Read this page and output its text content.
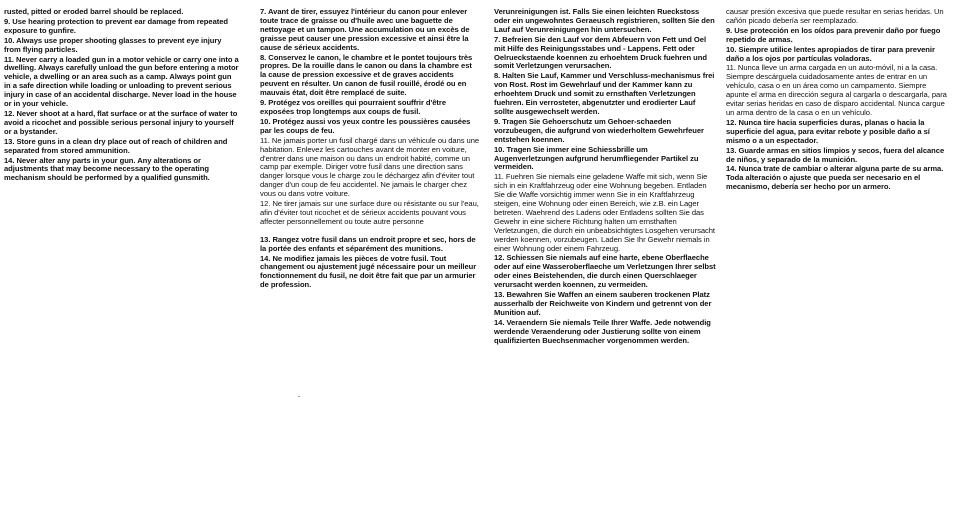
rusted, pitted or eroded barrel should be replaced.

9. Use hearing protection to prevent ear damage from repeated exposure to gunfire.

10. Always use proper shooting glasses to prevent eye injury from flying particles.

11. Never carry a loaded gun in a motor vehicle or carry one into a dwelling. Always carefully unload the gun before entering a motor vehicle, a dwelling or an area such as a camp. Always point gun in a safe direction while loading or unloading to prevent serious injury in case of an accidental discharge. Never load in the house or in your vehicle.

12. Never shoot at a hard, flat surface or at the surface of water to avoid a ricochet and possible serious personal injury to yourself or a bystander.

13. Store guns in a clean dry place out of reach of children and separated from stored ammunition.

14. Never alter any parts in your gun. Any alterations or adjustments that may become necessary to the operating mechanism should be performed by a qualified gunsmith.

7. Avant de tirer, essuyez l'intérieur du canon pour enlever toute trace de graisse ou d'huile avec une baguette de nettoyage et un tampon. Une accumulation ou un excès de graisse peut causer une pression excessive et ainsi être la cause de sérieux accidents.

8. Conservez le canon, le chambre et le pontet toujours très propres. De la rouille dans le canon ou dans la chambre est la cause de pression excessive et de graves accidents peuvent en résulter. Un canon de fusil rouillé, érodé ou en mauvais état, doit être remplacé de suite.

9. Protégez vos oreilles qui pourraient souffrir d'être exposées trop longtemps aux coups de fusil.

10. Protégez aussi vos yeux contre les poussières causées par les coups de feu.

11. Ne jamais porter un fusil chargé dans un véhicule ou dans une habitation. Enlevez les cartouches avant de monter en voiture, d'entrer dans une maison ou dans un endroit habité, comme un camp par exemple. Diriger votre fusil dans une direction sans danger lorsque vous le charge zou le déchargez afin d'éviter tout danger d'un coup de feu accidentel. Ne jamais le charger chez vous ou dans votre voiture.

12. Ne tirer jamais sur une surface dure ou résistante ou sur l'eau, afin d'éviter tout ricochet et de sérieux accidents pouvant vous affecter personnellement ou toute autre personne

13. Rangez votre fusil dans un endroit propre et sec, hors de la portée des enfants et séparément des munitions.

14. Ne modifiez jamais les pièces de votre fusil. Tout changement ou ajustement jugé nécessaire pour un meilleur fonctionnement du fusil, ne doit être fait que par un armurier de profession.

Verunreinigungen ist. Falls Sie einen leichten Rueckstoss oder ein ungewohntes Geraeusch registrieren, sollten Sie den Lauf auf Verunreinigungen hin untersuchen.

7. Befreien Sie den Lauf vor dem Abfeuern von Fett und Oel mit Hilfe des Reinigungsstabes und - Lappens. Fett oder Oelrueckstaende koennen zu erhoehtem Druck fuehren und somit Verletzungen verursachen.

8. Halten Sie Lauf, Kammer und Verschluss-mechanismus frei von Rost. Rost im Gewehrlauf und der Kammer kann zu erhoehtem Druck und somit zu ernsthaften Verletzungen fuehren. Ein verrosteter, abgenutzter und erodierter Lauf sollte ausgewechselt werden.

9. Tragen Sie Gehoerschutz um Gehoer-schaeden vorzubeugen, die aufgrund von wiederholtem Gewehrfeuer entstehen koennen.

10. Tragen Sie immer eine Schiessbrille um Augenverletzungen aufgrund herumfliegender Partikel zu vermeiden.

11. Fuehren Sie niemals eine geladene Waffe mit sich, wenn Sie sich in ein Kraftfahrzeug oder eine Wohnung begeben. Entladen Sie die Waffe vorsichtig immer wenn Sie in ein Kraftfahrzeug steigen, eine Wohnung oder einen Bereich, wie z.B. ein Lager betreten. Waehrend des Ladens oder Entladens sollten Sie das Gewehr in eine sichere Richtung halten um ernsthaften Verletzungen, die durch ein unbeabsichtigtes Losgehen verursacht werden koennen, vorzubeugen. Laden Sie Ihr Gewehr niemals in einer Wohnung oder einem Fahrzeug.

12. Schiessen Sie niemals auf eine harte, ebene Oberflaeche oder auf eine Wasseroberflaeche um Verletzungen Ihrer selbst oder eines Beistehenden, die durch einen Querschlaeger verursacht werden koennen, zu vermeiden.

13. Bewahren Sie Waffen an einem sauberen trockenen Platz ausserhalb der Reichweite von Kindern und getrennt von der Munition auf.

14. Veraendern Sie niemals Teile Ihrer Waffe. Jede notwendig werdende Veraenderung oder Justierung sollte von einem qualifizierten Buechsenmacher vorgenommen werden.

causar presión excesiva que puede resultar en serias heridas. Un cañón picado debería ser reemplazado.

9. Use protección en los oídos para prevenir daño por fuego repetido de armas.

10. Siempre utilice lentes apropiados de tirar para prevenir daño a los ojos por partículas voladoras.

11. Nunca lleve un arma cargada en un auto-móvil, ni a la casa. Siempre descárguela cuidadosamente antes de entrar en un vehículo, casa o en un área como un campamento. Siempre apunte el arma en dirección segura al cargarla o descargarla, para evitar serias heridas en caso de disparo accidental. Nunca cargue un arma dentro de la casa o en un vehículo.

12. Nunca tire hacia superficies duras, planas o hacia la superficie del agua, para evitar rebote y posible daño a sí mismo o a un espectador.

13. Guarde armas en sitios limpios y secos, fuera del alcance de niños, y separado de la munición.

14. Nunca trate de cambiar o alterar alguna parte de su arma. Toda alteración o ajuste que pueda ser necesario en el mecanismo, debería ser hecho por un armero.
